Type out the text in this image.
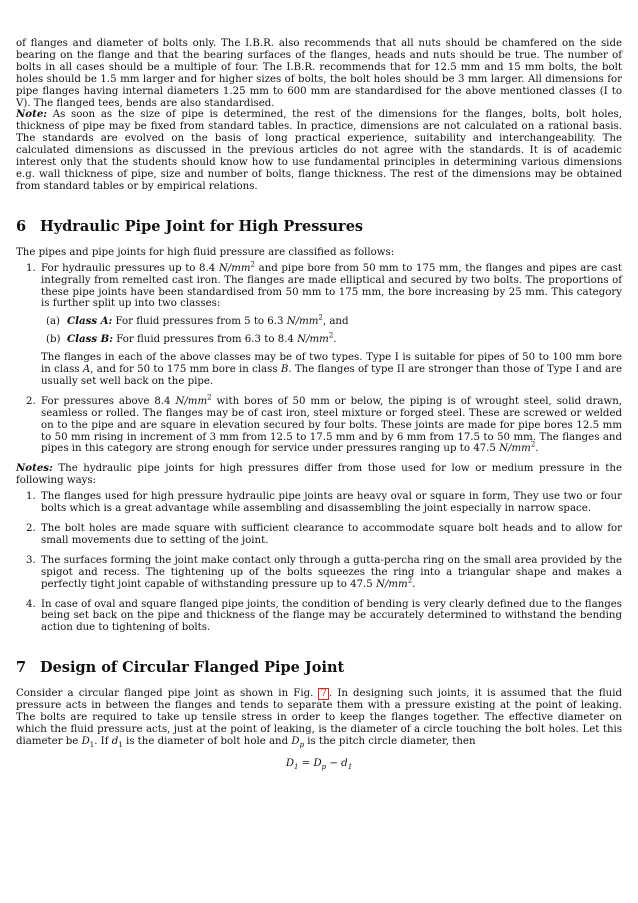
of flanges and diameter of bolts only. The I.B.R. also recommends that all nuts should be chamfered on the side bearing on the flange and that the bearing surfaces of the flanges, heads and nuts should be true. The number of bolts in all cases should be a multiple of four. The I.B.R. recommends that for 12.5 mm and 15 mm bolts, the bolt holes should be 1.5 mm larger and for higher sizes of bolts, the bolt holes should be 3 mm larger. All dimensions for pipe flanges having internal diameters 1.25 mm to 600 mm are standardised for the above mentioned classes (I to V). The flanged tees, bends are also standardised.

Note: As soon as the size of pipe is determined, the rest of the dimensions for the flanges, bolts, bolt holes, thickness of pipe may be fixed from standard tables. In practice, dimensions are not calculated on a rational basis. The standards are evolved on the basis of long practical experience, suitability and interchangeability. The calculated dimensions as discussed in the previous articles do not agree with the standards. It is of academic interest only that the students should know how to use fundamental principles in determining various dimensions e.g. wall thickness of pipe, size and number of bolts, flange thickness. The rest of the dimensions may be obtained from standard tables or by empirical relations.

6 Hydraulic Pipe Joint for High Pressures

The pipes and pipe joints for high fluid pressure are classified as follows:

1. For hydraulic pressures up to 8.4 $N/mm^2$ and pipe bore from 50 mm to 175 mm, the flanges and pipes are cast integrally from remelted cast iron. The flanges are made elliptical and secured by two bolts. The proportions of these pipe joints have been standardised from 50 mm to 175 mm, the bore increasing by 25 mm. This category is further split up into two classes:

(a) Class A: For fluid pressures from 5 to 6.3 $N/mm^2$, and
(b) Class B: For fluid pressures from 6.3 to 8.4 $N/mm^2$.

The flanges in each of the above classes may be of two types. Type I is suitable for pipes of 50 to 100 mm bore in class A, and for 50 to 175 mm bore in class B. The flanges of type II are stronger than those of Type I and are usually set well back on the pipe.

2. For pressures above 8.4 $N/mm^2$ with bores of 50 mm or below, the piping is of wrought steel, solid drawn, seamless or rolled. The flanges may be of cast iron, steel mixture or forged steel. These are screwed or welded on to the pipe and are square in elevation secured by four bolts. These joints are made for pipe bores 12.5 mm to 50 mm rising in increment of 3 mm from 12.5 to 17.5 mm and by 6 mm from 17.5 to 50 mm. The flanges and pipes in this category are strong enough for service under pressures ranging up to 47.5 $N/mm^2$.

Notes: The hydraulic pipe joints for high pressures differ from those used for low or medium pressure in the following ways:

1. The flanges used for high pressure hydraulic pipe joints are heavy oval or square in form, They use two or four bolts which is a great advantage while assembling and disassembling the joint especially in narrow space.
2. The bolt holes are made square with sufficient clearance to accommodate square bolt heads and to allow for small movements due to setting of the joint.
3. The surfaces forming the joint make contact only through a gutta-percha ring on the small area provided by the spigot and recess. The tightening up of the bolts squeezes the ring into a triangular shape and makes a perfectly tight joint capable of withstanding pressure up to 47.5 $N/mm^2$.
4. In case of oval and square flanged pipe joints, the condition of bending is very clearly defined due to the flanges being set back on the pipe and thickness of the flange may be accurately determined to withstand the bending action due to tightening of bolts.
7 Design of Circular Flanged Pipe Joint

Consider a circular flanged pipe joint as shown in Fig. 7 . In designing such joints, it is assumed that the fluid pressure acts in between the flanges and tends to separate them with a pressure existing at the point of leaking. The bolts are required to take up tensile stress in order to keep the flanges together. The effective diameter on which the fluid pressure acts, just at the point of leaking, is the diameter of a circle touching the bolt holes. Let this diameter be $D_1$. If $d_1$ is the diameter of bolt hole and $D_p$ is the pitch circle diameter, then

$D_1 = D_p - d_1$
